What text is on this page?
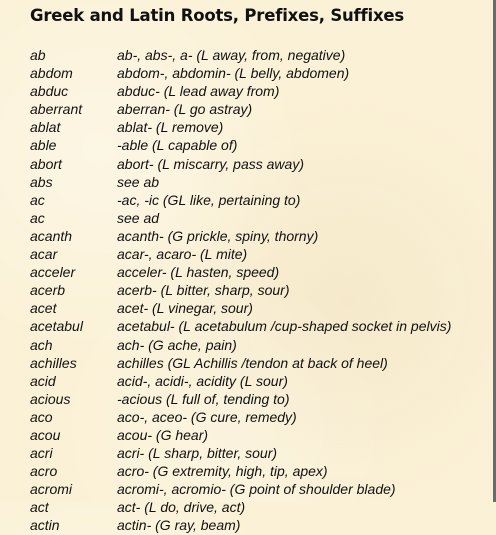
Greek and Latin Roots, Prefixes, Suffixes
ab	ab-, abs-, a- (L away, from, negative)
abdom	abdom-, abdomin- (L belly, abdomen)
abduc	abduc- (L lead away from)
aberrant	aberran- (L go astray)
ablat	ablat- (L remove)
able	-able (L capable of)
abort	abort- (L miscarry, pass away)
abs	see ab
ac	-ac, -ic (GL like, pertaining to)
ac	see ad
acanth	acanth- (G prickle, spiny, thorny)
acar	acar-, acaro- (L mite)
acceler	acceler- (L hasten, speed)
acerb	acerb- (L bitter, sharp, sour)
acet	acet- (L vinegar, sour)
acetabul	acetabul- (L acetabulum /cup-shaped socket in pelvis)
ach	ach- (G ache, pain)
achilles	achilles (GL Achillis /tendon at back of heel)
acid	acid-, acidi-, acidity (L sour)
acious	-acious (L full of, tending to)
aco	aco-, aceo- (G cure, remedy)
acou	acou- (G hear)
acri	acri- (L sharp, bitter, sour)
acro	acro- (G extremity, high, tip, apex)
acromi	acromi-, acromio- (G point of shoulder blade)
act	act- (L do, drive, act)
actin	actin- (G ray, beam)
